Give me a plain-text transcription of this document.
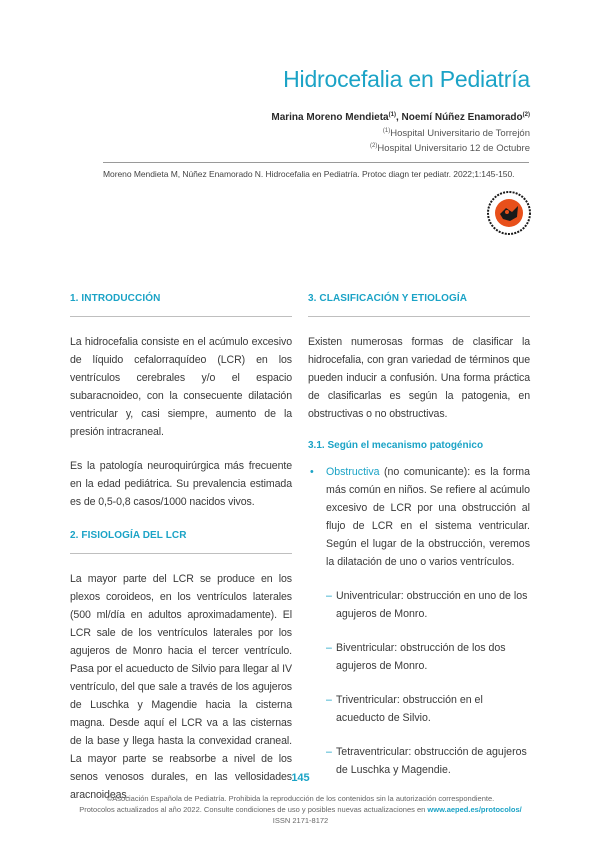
Hidrocefalia en Pediatría
Marina Moreno Mendieta$^{(1)}$, Noemí Núñez Enamorado$^{(2)}$
$^{(1)}$Hospital Universitario de Torrejón
$^{(2)}$Hospital Universitario 12 de Octubre
Moreno Mendieta M, Núñez Enamorado N. Hidrocefalia en Pediatría. Protoc diagn ter pediatr. 2022;1:145-150.
1. INTRODUCCIÓN

La hidrocefalia consiste en el acúmulo excesivo de líquido cefalorraquídeo (LCR) en los ventrículos cerebrales y/o el espacio subaracnoideo, con la consecuente dilatación ventricular y, casi siempre, aumento de la presión intracraneal.

Es la patología neuroquirúrgica más frecuente en la edad pediátrica. Su prevalencia estimada es de 0,5-0,8 casos/1000 nacidos vivos.

2. FISIOLOGÍA DEL LCR

La mayor parte del LCR se produce en los plexos coroideos, en los ventrículos laterales (500 ml/día en adultos aproximadamente). El LCR sale de los ventrículos laterales por los agujeros de Monro hacia el tercer ventrículo. Pasa por el acueducto de Silvio para llegar al IV ventrículo, del que sale a través de los agujeros de Luschka y Magendie hacia la cisterna magna. Desde aquí el LCR va a las cisternas de la base y llega hasta la convexidad craneal. La mayor parte se reabsorbe a nivel de los senos venosos durales, en las vellosidades aracnoideas.

3. CLASIFICACIÓN Y ETIOLOGÍA

Existen numerosas formas de clasificar la hidrocefalia, con gran variedad de términos que pueden inducir a confusión. Una forma práctica de clasificarlas es según la patogenia, en obstructivas o no obstructivas.

3.1. Según el mecanismo patogénico
• Obstructiva (no comunicante): es la forma más común en niños. Se refiere al acúmulo excesivo de LCR por una obstrucción al flujo de LCR en el sistema ventricular. Según el lugar de la obstrucción, veremos la dilatación de uno o varios ventrículos.
– Univentricular: obstrucción en uno de los agujeros de Monro.
– Biventricular: obstrucción de los dos agujeros de Monro.
– Triventricular: obstrucción en el acueducto de Silvio.
– Tetraventricular: obstrucción de agujeros de Luschka y Magendie.
145
©Asociación Española de Pediatría. Prohibida la reproducción de los contenidos sin la autorización correspondiente.
Protocolos actualizados al año 2022. Consulte condiciones de uso y posibles nuevas actualizaciones en www.aeped.es/protocolos/
ISSN 2171-8172
